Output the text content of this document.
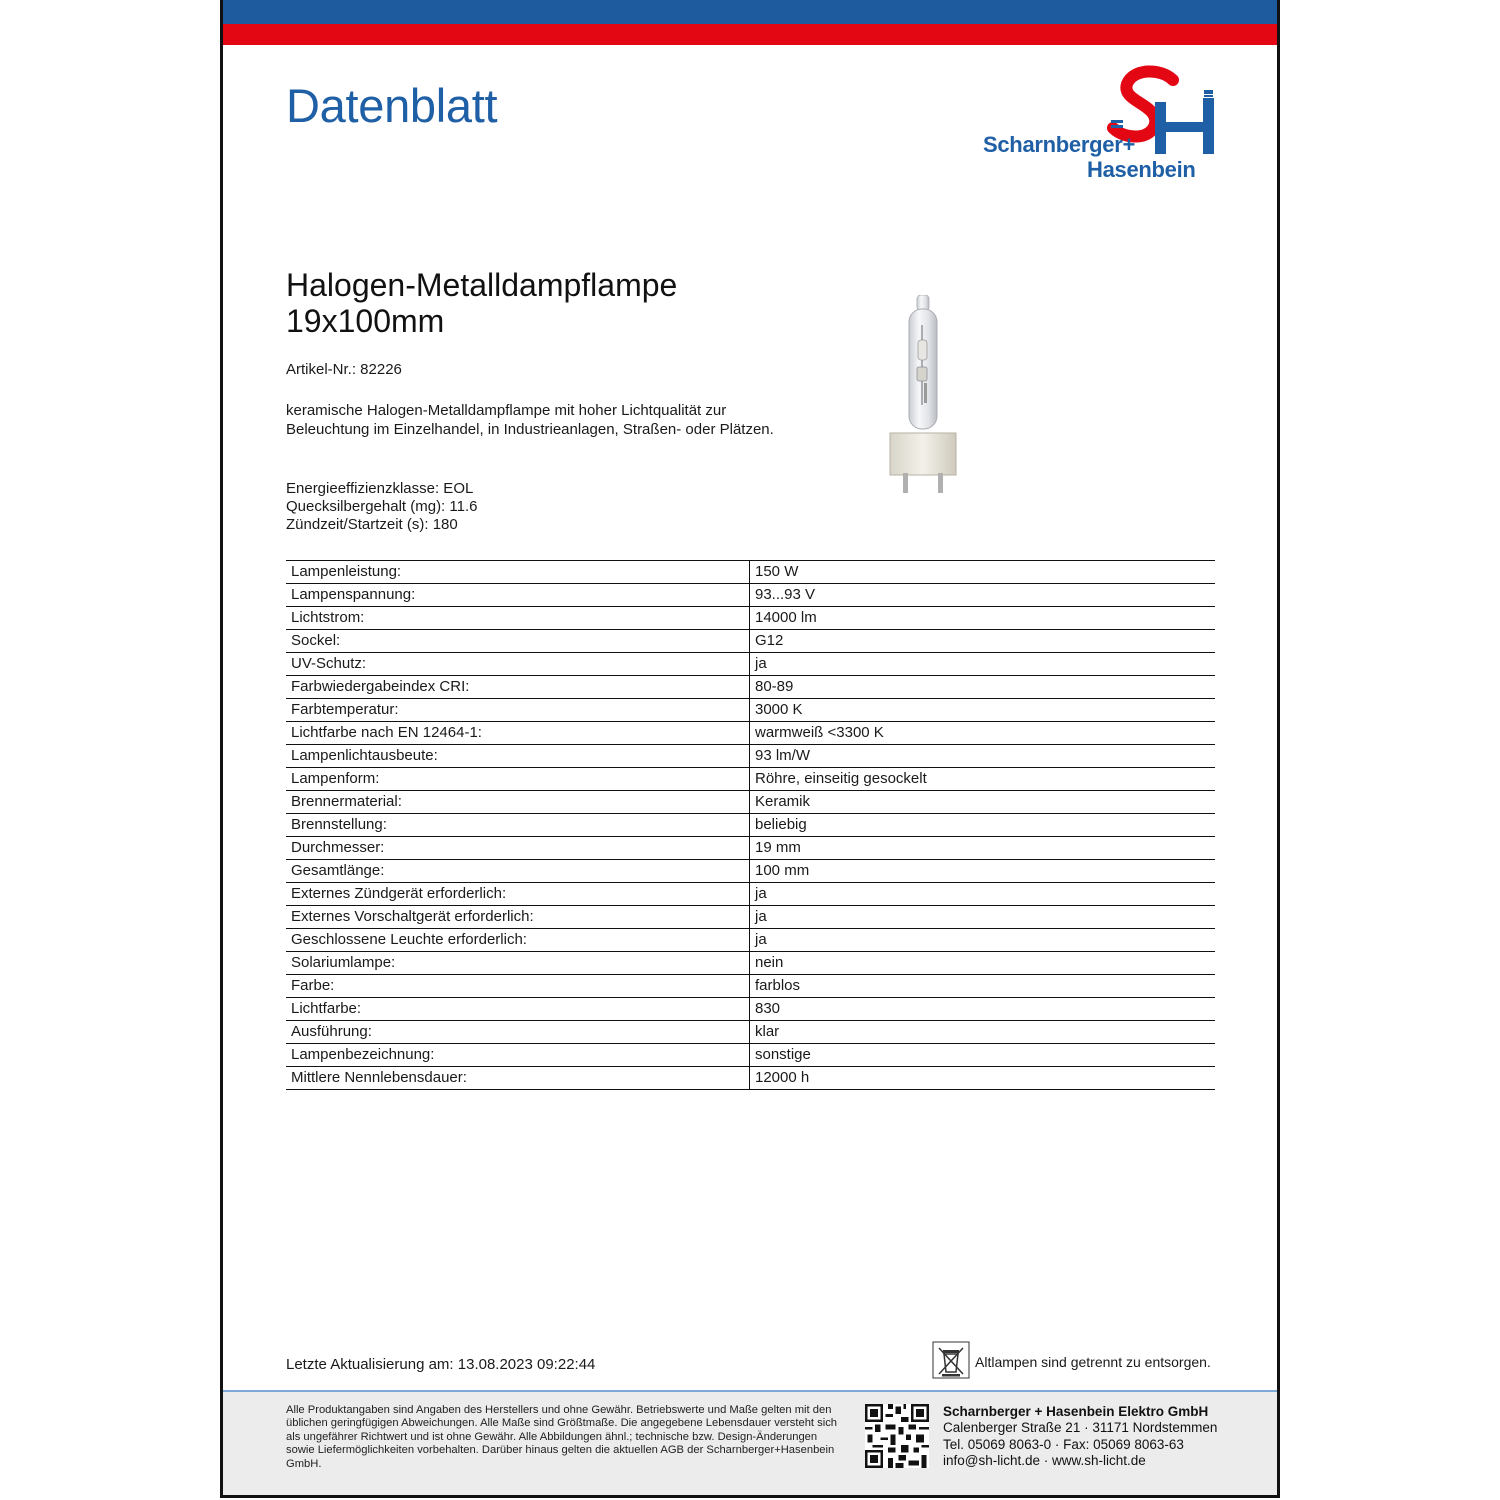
Datenblatt
Scharnberger+
Hasenbein
Halogen-Metalldampflampe
19x100mm
Artikel-Nr.: 82226
keramische Halogen-Metalldampflampe mit hoher Lichtqualität zur Beleuchtung im Einzelhandel, in Industrieanlagen, Straßen- oder Plätzen.
Energieeffizienzklasse: EOL
Quecksilbergehalt (mg): 11.6
Zündzeit/Startzeit (s): 180
Lampenleistung:	150 W
Lampenspannung:	93...93 V
Lichtstrom:	14000 lm
Sockel:	G12
UV-Schutz:	ja
Farbwiedergabeindex CRI:	80-89
Farbtemperatur:	3000 K
Lichtfarbe nach EN 12464-1:	warmweiß <3300 K
Lampenlichtausbeute:	93 lm/W
Lampenform:	Röhre, einseitig gesockelt
Brennermaterial:	Keramik
Brennstellung:	beliebig
Durchmesser:	19 mm
Gesamtlänge:	100 mm
Externes Zündgerät erforderlich:	ja
Externes Vorschaltgerät erforderlich:	ja
Geschlossene Leuchte erforderlich:	ja
Solariumlampe:	nein
Farbe:	farblos
Lichtfarbe:	830
Ausführung:	klar
Lampenbezeichnung:	sonstige
Mittlere Nennlebensdauer:	12000 h
Letzte Aktualisierung am: 13.08.2023 09:22:44	Altlampen sind getrennt zu entsorgen.
Alle Produktangaben sind Angaben des Herstellers und ohne Gewähr. Betriebswerte und Maße gelten mit den üblichen geringfügigen Abweichungen. Alle Maße sind Größtmaße. Die angegebene Lebensdauer versteht sich als ungefährer Richtwert und ist ohne Gewähr. Alle Abbildungen ähnl.; technische bzw. Design-Änderungen sowie Liefermöglichkeiten vorbehalten. Darüber hinaus gelten die aktuellen AGB der Scharnberger+Hasenbein GmbH.
Scharnberger + Hasenbein Elektro GmbH
Calenberger Straße 21 · 31171 Nordstemmen
Tel. 05069 8063-0 · Fax: 05069 8063-63
info@sh-licht.de · www.sh-licht.de
